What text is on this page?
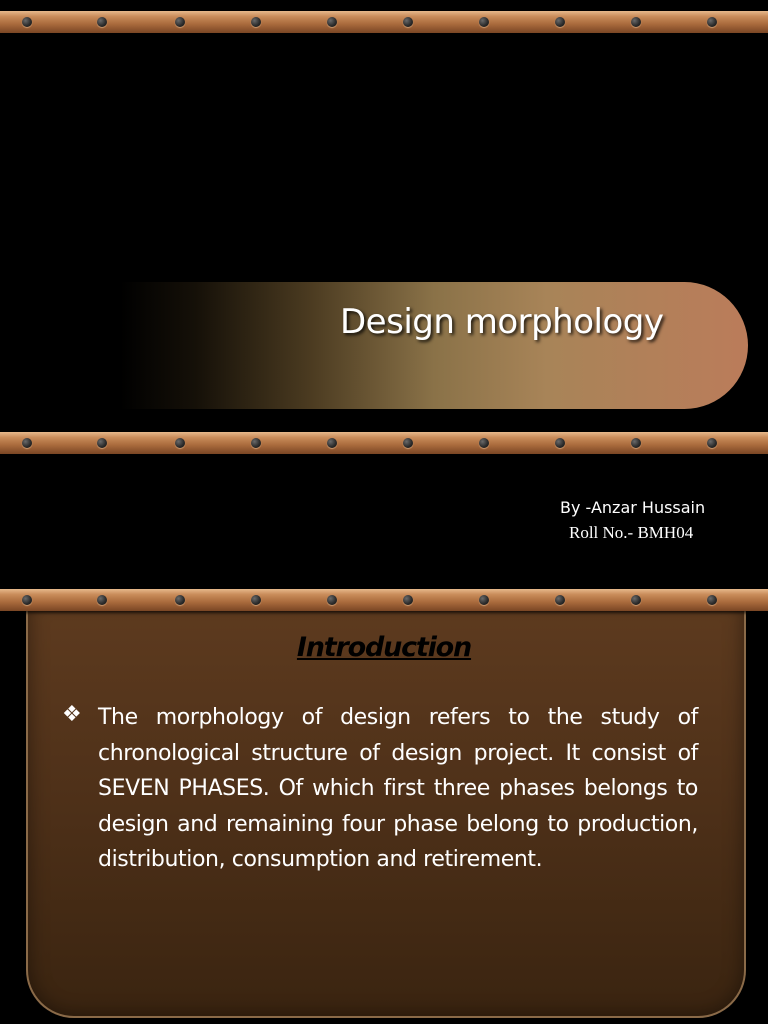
Design morphology
By -Anzar Hussain
Roll No.- BMH04
Introduction
❖ The morphology of design refers to the study of chronological structure of design project. It consist of SEVEN PHASES. Of which first three phases belongs to design and remaining four phase belong to production, distribution, consumption and retirement.
